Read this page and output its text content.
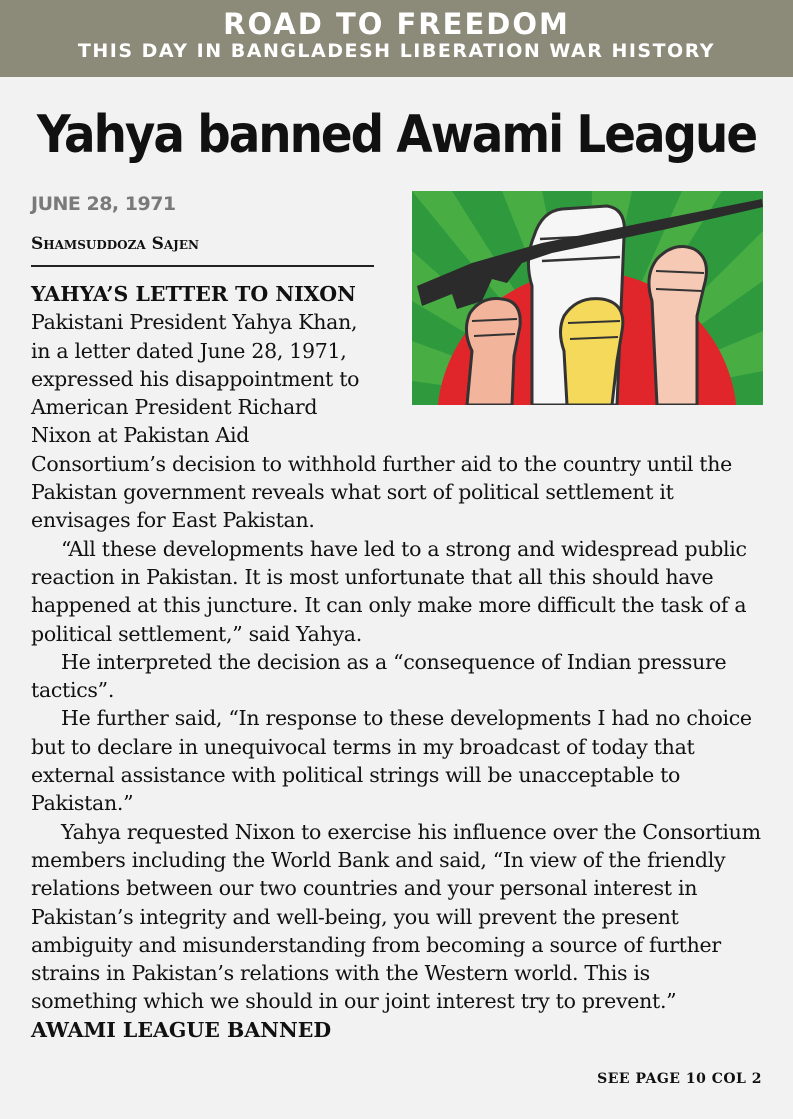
ROAD TO FREEDOM
THIS DAY IN BANGLADESH LIBERATION WAR HISTORY
Yahya banned Awami League
JUNE 28, 1971
Shamsuddoza Sajen

YAHYA’S LETTER TO NIXON

Pakistani President Yahya Khan, in a letter dated June 28, 1971, expressed his disappointment to American President Richard Nixon at Pakistan Aid Consortium’s decision to withhold further aid to the country until the Pakistan government reveals what sort of political settlement it envisages for East Pakistan.

“All these developments have led to a strong and widespread public reaction in Pakistan. It is most unfortunate that all this should have happened at this juncture. It can only make more difficult the task of a political settlement,” said Yahya.

He interpreted the decision as a “consequence of Indian pressure tactics”.

He further said, “In response to these developments I had no choice but to declare in unequivocal terms in my broadcast of today that external assistance with political strings will be unacceptable to Pakistan.”

Yahya requested Nixon to exercise his influence over the Consortium members including the World Bank and said, “In view of the friendly relations between our two countries and your personal interest in Pakistan’s integrity and well-being, you will prevent the present ambiguity and misunderstanding from becoming a source of further strains in Pakistan’s relations with the Western world. This is something which we should in our joint interest try to prevent.”

AWAMI LEAGUE BANNED

SEE PAGE 10 COL 2
